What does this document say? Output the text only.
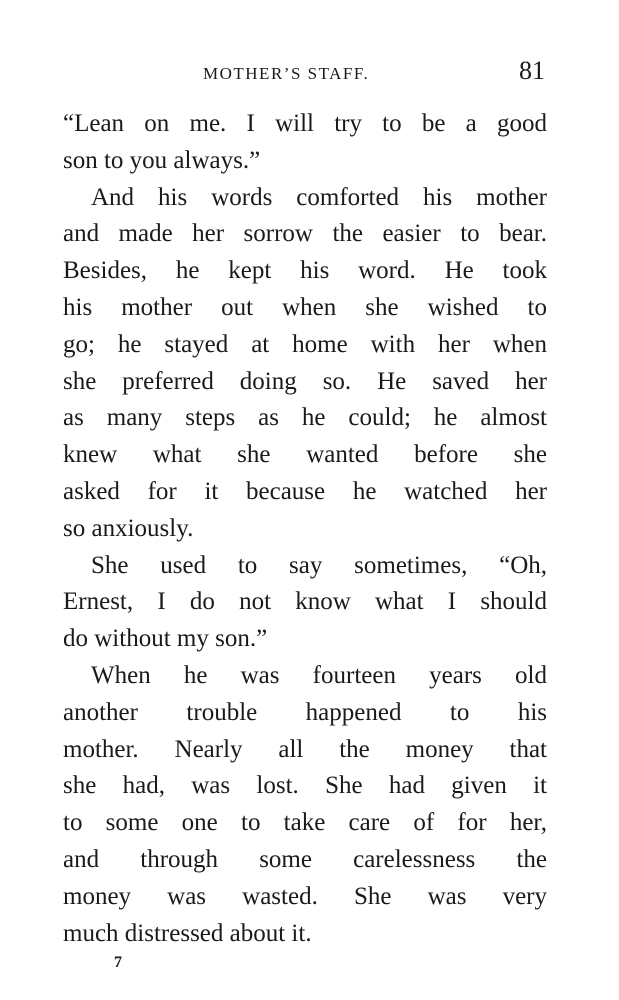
MOTHER’S STAFF.	81
“Lean on me. I will try to be a good
son to you always.”
And his words comforted his mother
and made her sorrow the easier to bear.
Besides, he kept his word. He took
his mother out when she wished to
go; he stayed at home with her when
she preferred doing so. He saved her
as many steps as he could; he almost
knew what she wanted before she
asked for it because he watched her
so anxiously.
She used to say sometimes, “Oh,
Ernest, I do not know what I should
do without my son.”
When he was fourteen years old
another trouble happened to his
mother. Nearly all the money that
she had, was lost. She had given it
to some one to take care of for her,
and through some carelessness the
money was wasted. She was very
much distressed about it.
7
